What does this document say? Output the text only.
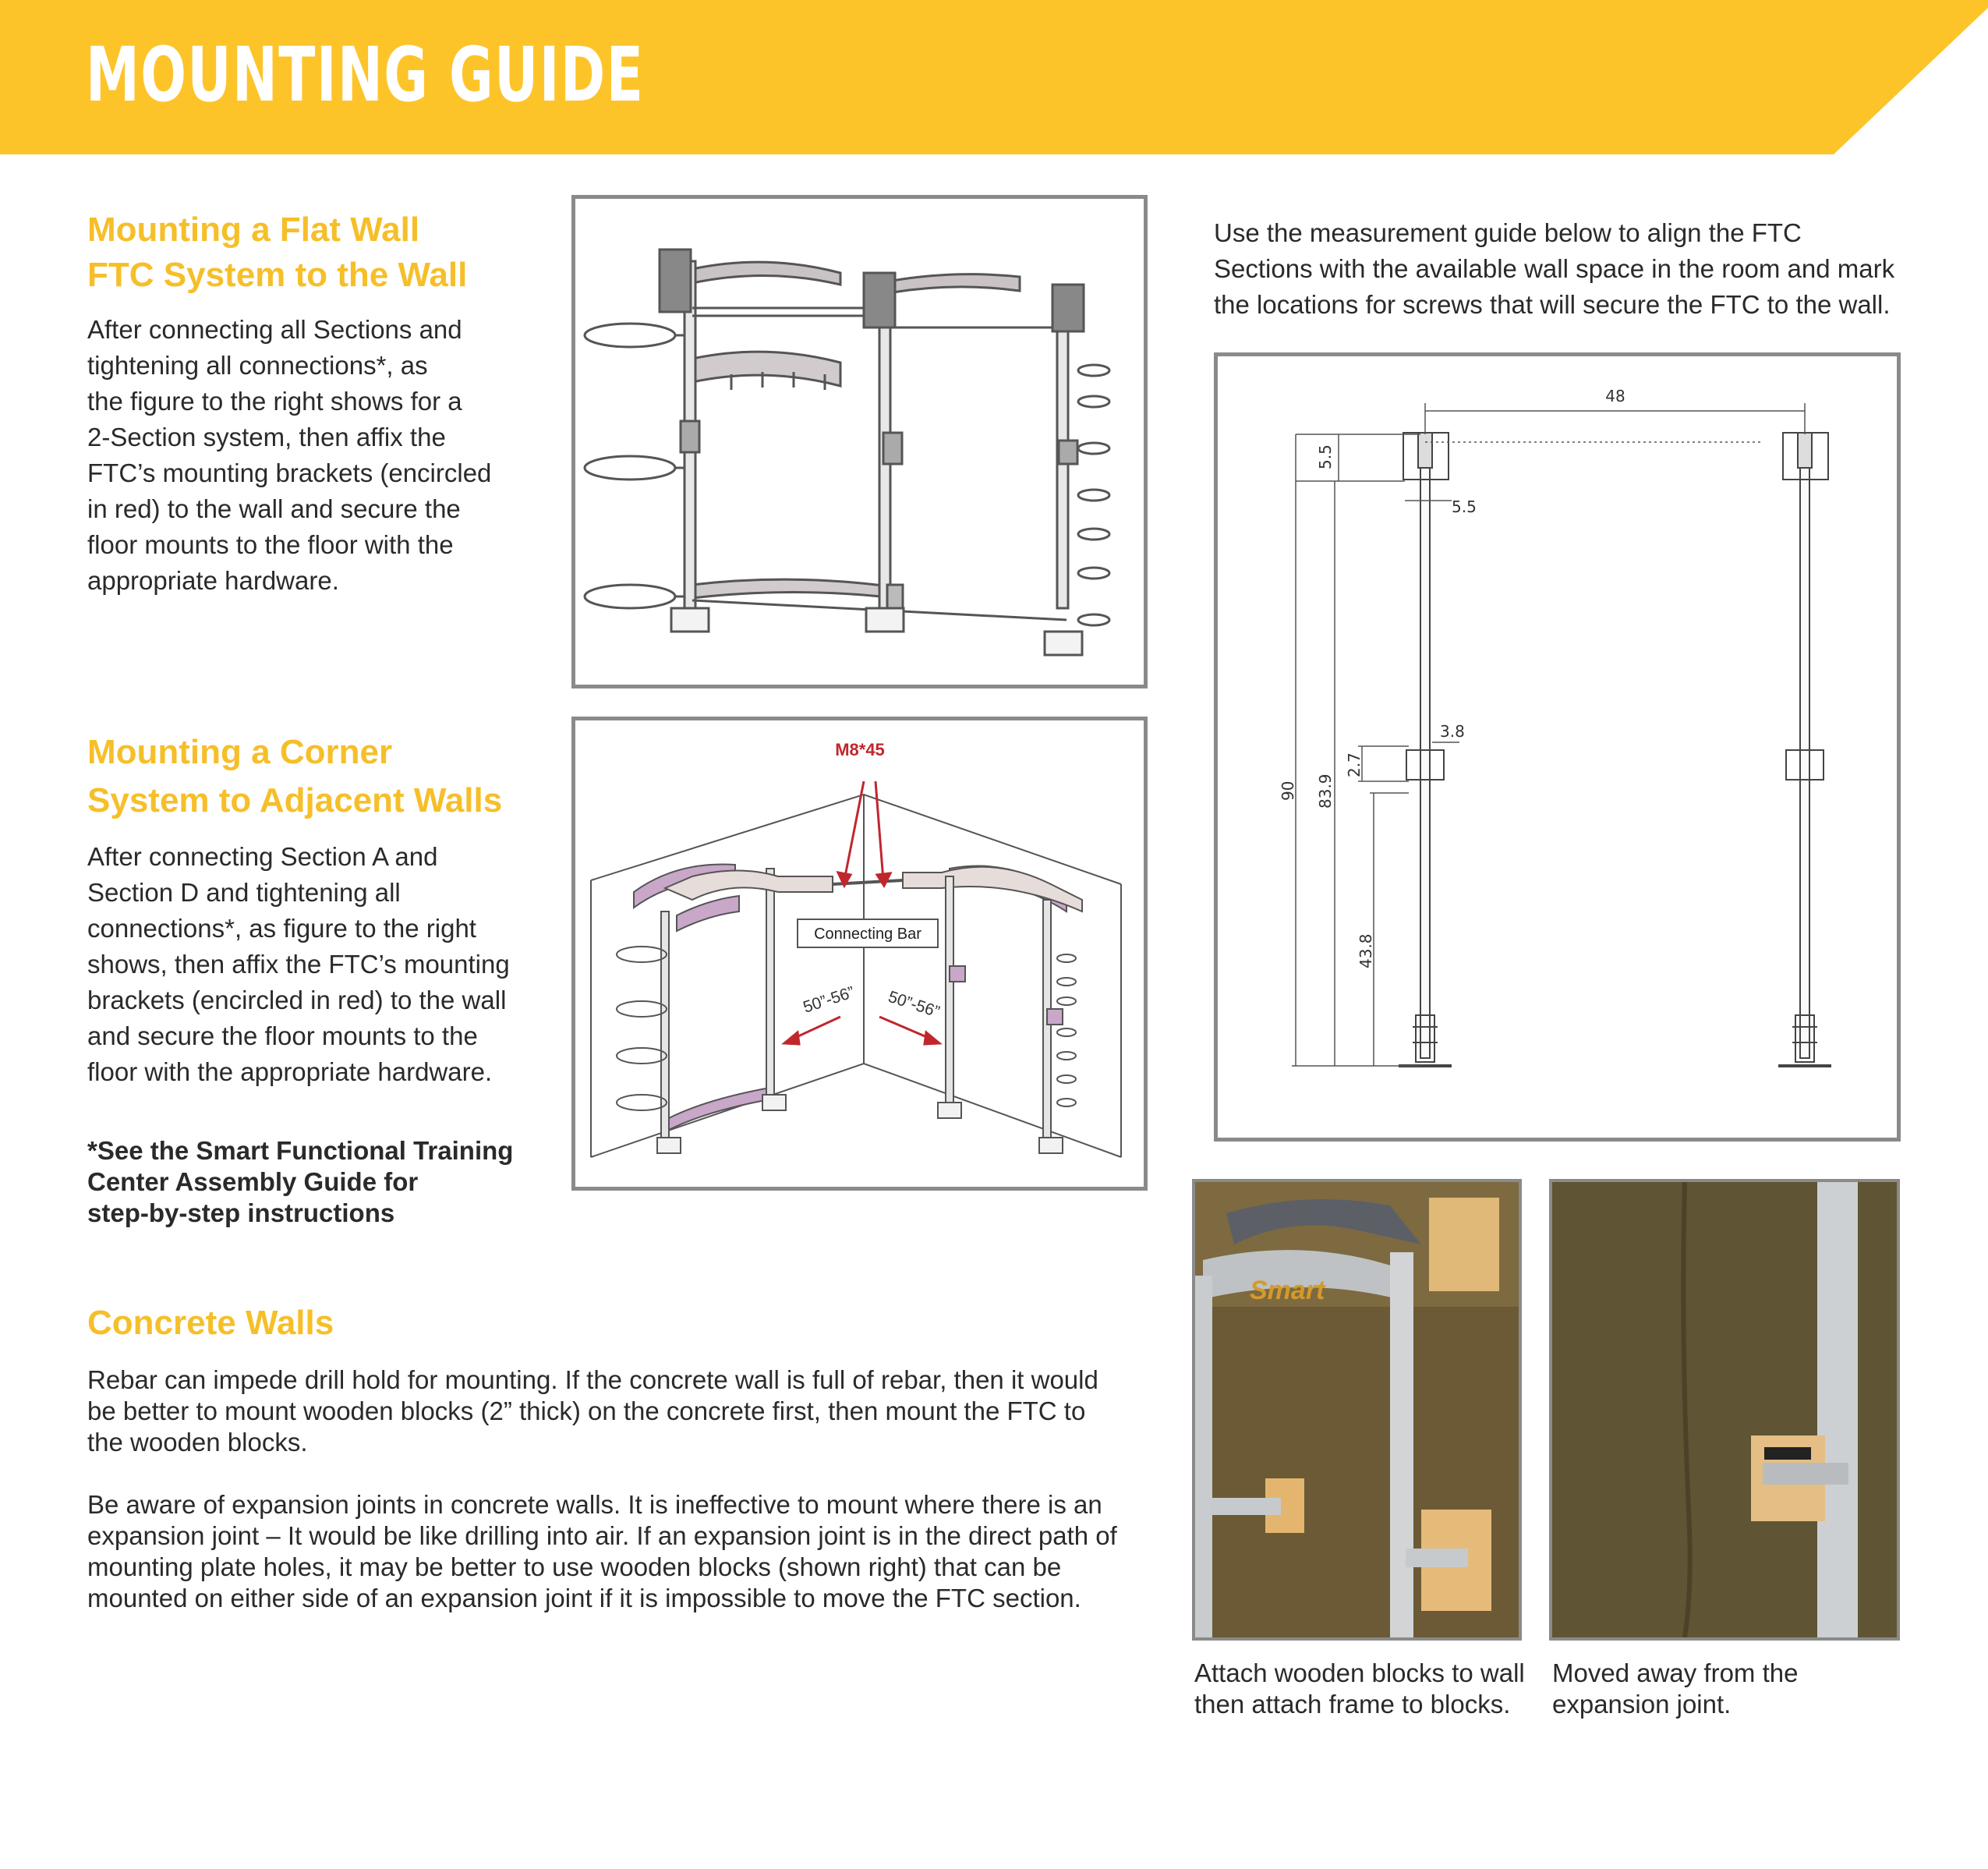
MOUNTING GUIDE
Mounting a Flat Wall
FTC System to the Wall

After connecting all Sections and
tightening all connections*, as
the figure to the right shows for a
2-Section system, then affix the
FTC’s mounting brackets (encircled
in red) to the wall and secure the
floor mounts to the floor with the
appropriate hardware.

Mounting a Corner
System to Adjacent Walls

After connecting Section A and
Section D and tightening all
connections*, as figure to the right
shows, then affix the FTC’s mounting
brackets (encircled in red) to the wall
and secure the floor mounts to the
floor with the appropriate hardware.

M8*45
Connecting Bar
50”-56” 50”-56”

*See the Smart Functional Training
Center Assembly Guide for
step-by-step instructions

Concrete Walls

Rebar can impede drill hold for mounting. If the concrete wall is full of rebar, then it would
be better to mount wooden blocks (2” thick) on the concrete first, then mount the FTC to
the wooden blocks.

Be aware of expansion joints in concrete walls. It is ineffective to mount where there is an
expansion joint – It would be like drilling into air. If an expansion joint is in the direct path of
mounting plate holes, it may be better to use wooden blocks (shown right) that can be
mounted on either side of an expansion joint if it is impossible to move the FTC section.

Use the measurement guide below to align the FTC
Sections with the available wall space in the room and mark
the locations for screws that will secure the FTC to the wall.

48
5.5
5.5
90 83.9
2.7
3.8
43.8
Smart

Attach wooden blocks to wall
then attach frame to blocks.

Moved away from the
expansion joint.
